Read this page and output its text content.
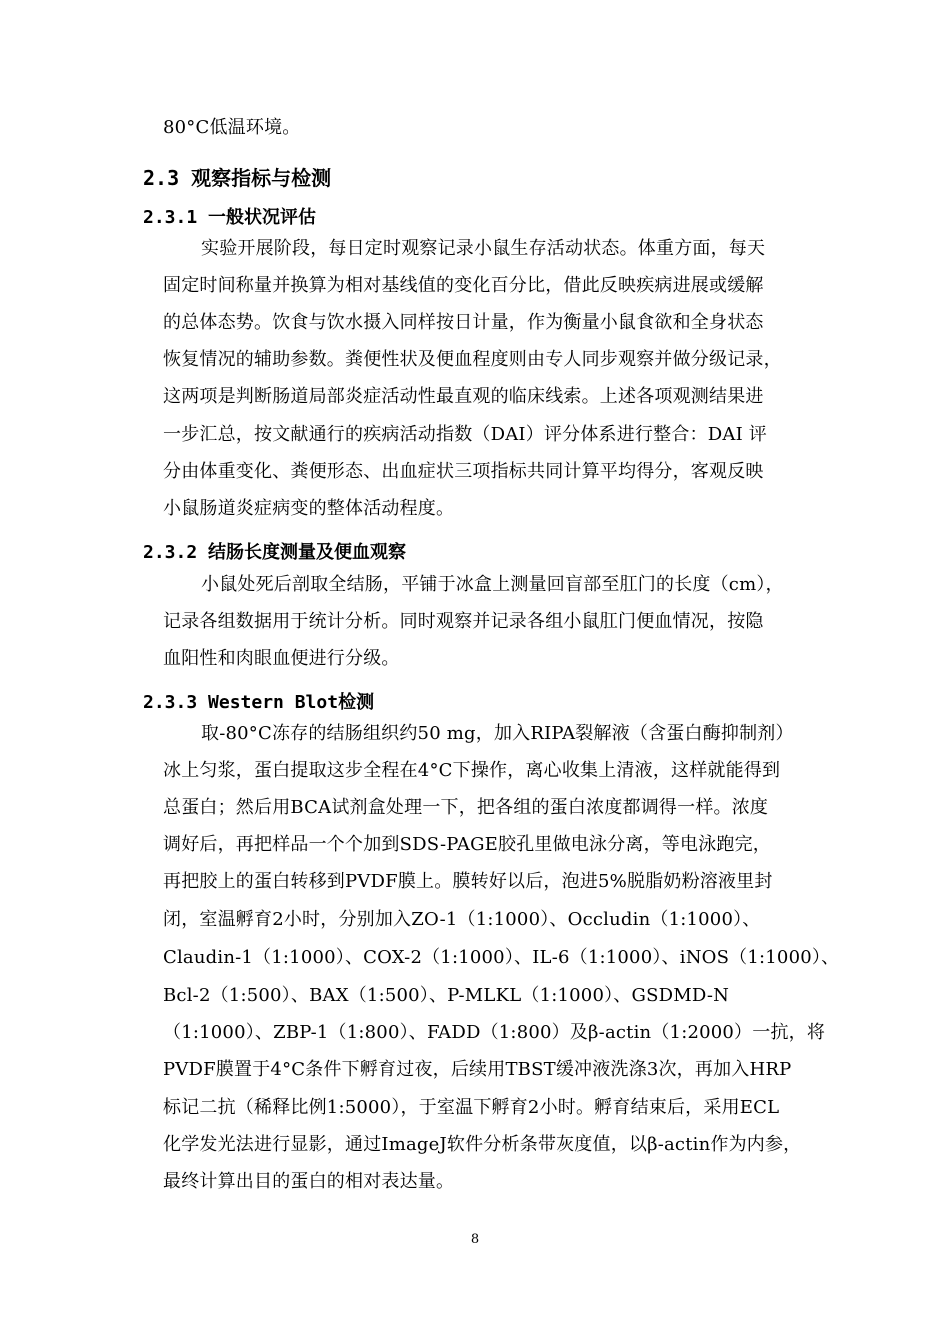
80°C低温环境。
2.3 观察指标与检测
2.3.1 一般状况评估
实验开展阶段，每日定时观察记录小鼠生存活动状态。体重方面，每天
固定时间称量并换算为相对基线值的变化百分比，借此反映疾病进展或缓解
的总体态势。饮食与饮水摄入同样按日计量，作为衡量小鼠食欲和全身状态
恢复情况的辅助参数。粪便性状及便血程度则由专人同步观察并做分级记录，
这两项是判断肠道局部炎症活动性最直观的临床线索。上述各项观测结果进
一步汇总，按文献通行的疾病活动指数（DAI）评分体系进行整合：DAI 评
分由体重变化、粪便形态、出血症状三项指标共同计算平均得分，客观反映
小鼠肠道炎症病变的整体活动程度。
2.3.2 结肠长度测量及便血观察
小鼠处死后剖取全结肠，平铺于冰盒上测量回盲部至肛门的长度（cm），
记录各组数据用于统计分析。同时观察并记录各组小鼠肛门便血情况，按隐
血阳性和肉眼血便进行分级。
2.3.3 Western Blot检测
取-80°C冻存的结肠组织约50 mg，加入RIPA裂解液（含蛋白酶抑制剂）
冰上匀浆，蛋白提取这步全程在4°C下操作，离心收集上清液，这样就能得到
总蛋白；然后用BCA试剂盒处理一下，把各组的蛋白浓度都调得一样。浓度
调好后，再把样品一个个加到SDS-PAGE胶孔里做电泳分离，等电泳跑完，
再把胶上的蛋白转移到PVDF膜上。膜转好以后，泡进5%脱脂奶粉溶液里封
闭，室温孵育2小时，分别加入ZO-1（1:1000）、Occludin（1:1000）、
Claudin-1（1:1000）、COX-2（1:1000）、IL-6（1:1000）、iNOS（1:1000）、
Bcl-2（1:500）、BAX（1:500）、P-MLKL（1:1000）、GSDMD-N
（1:1000）、ZBP-1（1:800）、FADD（1:800）及β-actin（1:2000）一抗，将
PVDF膜置于4°C条件下孵育过夜，后续用TBST缓冲液洗涤3次，再加入HRP
标记二抗（稀释比例1:5000），于室温下孵育2小时。孵育结束后，采用ECL
化学发光法进行显影，通过ImageJ软件分析条带灰度值，以β-actin作为内参，
最终计算出目的蛋白的相对表达量。
8
